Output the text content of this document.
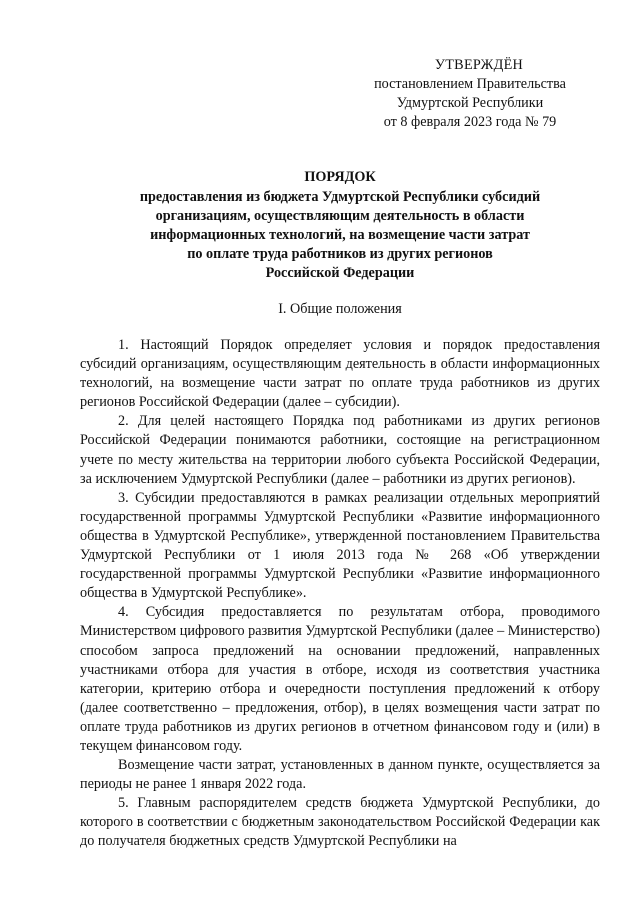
УТВЕРЖДЁН
постановлением Правительства
Удмуртской Республики
от 8 февраля 2023 года № 79
ПОРЯДОК
предоставления из бюджета Удмуртской Республики субсидий
организациям, осуществляющим деятельность в области
информационных технологий, на возмещение части затрат
по оплате труда работников из других регионов
Российской Федерации
I. Общие положения

1. Настоящий Порядок определяет условия и порядок предоставления субсидий организациям, осуществляющим деятельность в области информационных технологий, на возмещение части затрат по оплате труда работников из других регионов Российской Федерации (далее – субсидии).

2. Для целей настоящего Порядка под работниками из других регионов Российской Федерации понимаются работники, состоящие на регистрационном учете по месту жительства на территории любого субъекта Российской Федерации, за исключением Удмуртской Республики (далее – работники из других регионов).

3. Субсидии предоставляются в рамках реализации отдельных мероприятий государственной программы Удмуртской Республики «Развитие информационного общества в Удмуртской Республике», утвержденной постановлением Правительства Удмуртской Республики от 1 июля 2013 года № 268 «Об утверждении государственной программы Удмуртской Республики «Развитие информационного общества в Удмуртской Республике».

4. Субсидия предоставляется по результатам отбора, проводимого Министерством цифрового развития Удмуртской Республики (далее – Министерство) способом запроса предложений на основании предложений, направленных участниками отбора для участия в отборе, исходя из соответствия участника категории, критерию отбора и очередности поступления предложений к отбору (далее соответственно – предложения, отбор), в целях возмещения части затрат по оплате труда работников из других регионов в отчетном финансовом году и (или) в текущем финансовом году.

Возмещение части затрат, установленных в данном пункте, осуществляется за периоды не ранее 1 января 2022 года.

5. Главным распорядителем средств бюджета Удмуртской Республики, до которого в соответствии с бюджетным законодательством Российской Федерации как до получателя бюджетных средств Удмуртской Республики на
